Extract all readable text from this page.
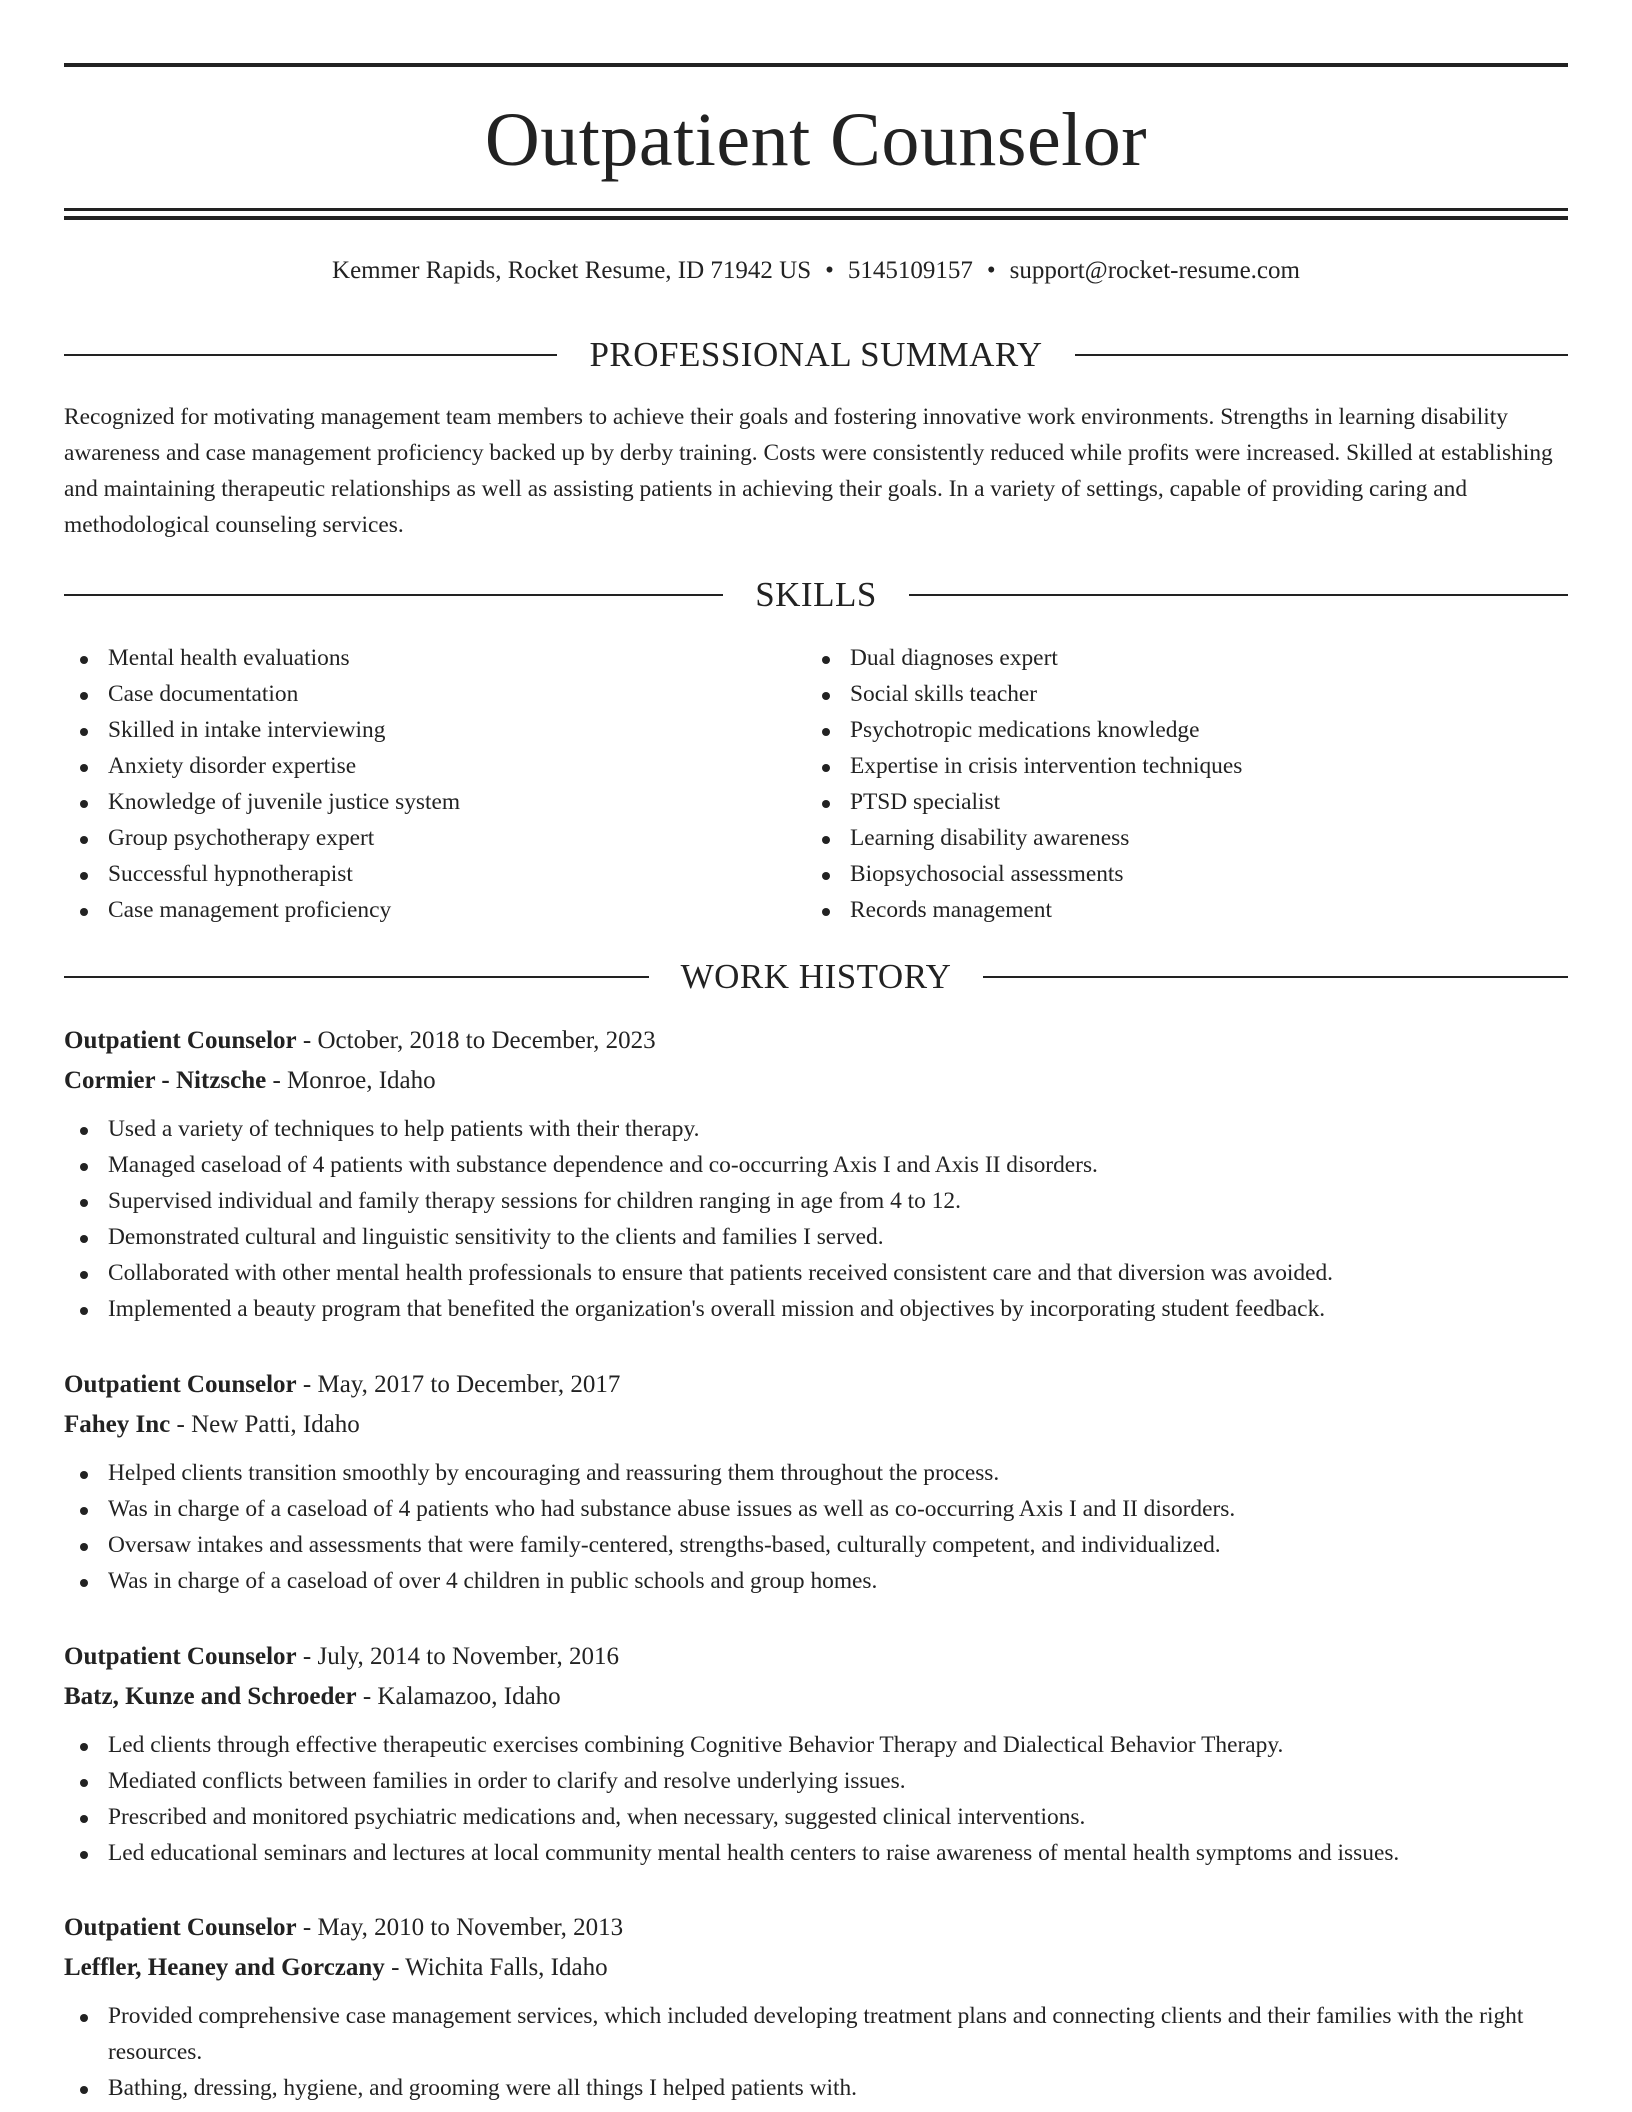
Outpatient Counselor
Kemmer Rapids, Rocket Resume, ID 71942 US • 5145109157 • support@rocket-resume.com
PROFESSIONAL SUMMARY

Recognized for motivating management team members to achieve their goals and fostering innovative work environments. Strengths in learning disability awareness and case management proficiency backed up by derby training. Costs were consistently reduced while profits were increased. Skilled at establishing and maintaining therapeutic relationships as well as assisting patients in achieving their goals. In a variety of settings, capable of providing caring and methodological counseling services.

SKILLS
Mental health evaluations
Case documentation
Skilled in intake interviewing
Anxiety disorder expertise
Knowledge of juvenile justice system
Group psychotherapy expert
Successful hypnotherapist
Case management proficiency
Dual diagnoses expert
Social skills teacher
Psychotropic medications knowledge
Expertise in crisis intervention techniques
PTSD specialist
Learning disability awareness
Biopsychosocial assessments
Records management
WORK HISTORY
Outpatient Counselor - October, 2018 to December, 2023
Cormier - Nitzsche - Monroe, Idaho
Used a variety of techniques to help patients with their therapy.
Managed caseload of 4 patients with substance dependence and co-occurring Axis I and Axis II disorders.
Supervised individual and family therapy sessions for children ranging in age from 4 to 12.
Demonstrated cultural and linguistic sensitivity to the clients and families I served.
Collaborated with other mental health professionals to ensure that patients received consistent care and that diversion was avoided.
Implemented a beauty program that benefited the organization's overall mission and objectives by incorporating student feedback.
Outpatient Counselor - May, 2017 to December, 2017
Fahey Inc - New Patti, Idaho
Helped clients transition smoothly by encouraging and reassuring them throughout the process.
Was in charge of a caseload of 4 patients who had substance abuse issues as well as co-occurring Axis I and II disorders.
Oversaw intakes and assessments that were family-centered, strengths-based, culturally competent, and individualized.
Was in charge of a caseload of over 4 children in public schools and group homes.
Outpatient Counselor - July, 2014 to November, 2016
Batz, Kunze and Schroeder - Kalamazoo, Idaho
Led clients through effective therapeutic exercises combining Cognitive Behavior Therapy and Dialectical Behavior Therapy.
Mediated conflicts between families in order to clarify and resolve underlying issues.
Prescribed and monitored psychiatric medications and, when necessary, suggested clinical interventions.
Led educational seminars and lectures at local community mental health centers to raise awareness of mental health symptoms and issues.
Outpatient Counselor - May, 2010 to November, 2013
Leffler, Heaney and Gorczany - Wichita Falls, Idaho
Provided comprehensive case management services, which included developing treatment plans and connecting clients and their families with the right resources.
Bathing, dressing, hygiene, and grooming were all things I helped patients with.
